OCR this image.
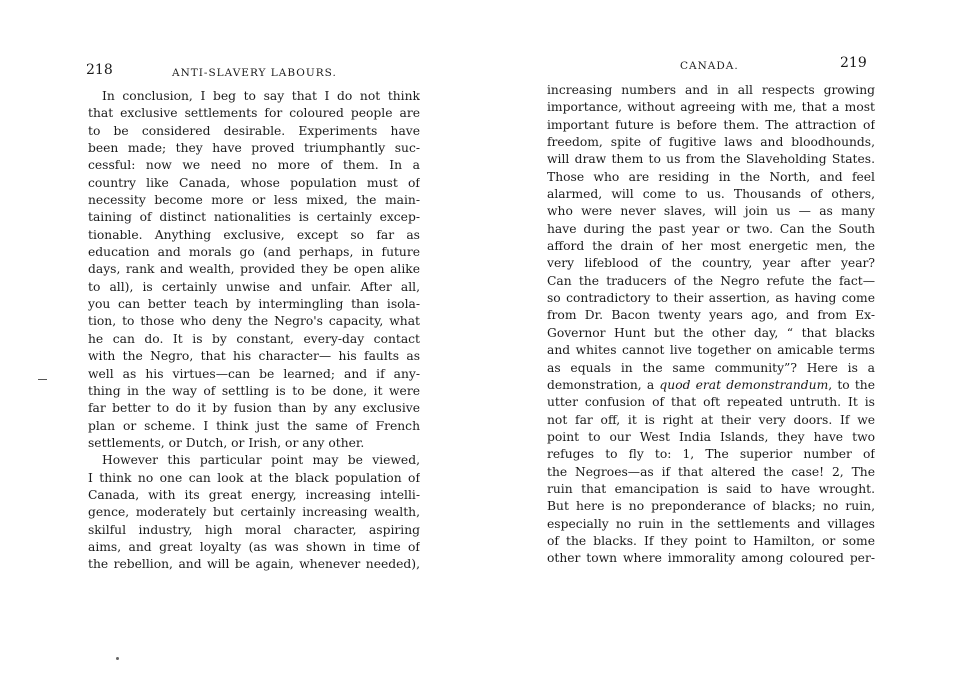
218	ANTI-SLAVERY LABOURS.
In conclusion, I beg to say that I do not think
that exclusive settlements for coloured people are
to be considered desirable. Experiments have
been made; they have proved triumphantly suc-
cessful: now we need no more of them. In a
country like Canada, whose population must of
necessity become more or less mixed, the main-
taining of distinct nationalities is certainly excep-
tionable. Anything exclusive, except so far as
education and morals go (and perhaps, in future
days, rank and wealth, provided they be open alike
to all), is certainly unwise and unfair. After all,
you can better teach by intermingling than isola-
tion, to those who deny the Negro's capacity, what
he can do. It is by constant, every-day contact
with the Negro, that his character— his faults as
well as his virtues—can be learned; and if any-
thing in the way of settling is to be done, it were
far better to do it by fusion than by any exclusive
plan or scheme. I think just the same of French
settlements, or Dutch, or Irish, or any other.
However this particular point may be viewed,
I think no one can look at the black population of
Canada, with its great energy, increasing intelli-
gence, moderately but certainly increasing wealth,
skilful industry, high moral character, aspiring
aims, and great loyalty (as was shown in time of
the rebellion, and will be again, whenever needed),
CANADA.	219
increasing numbers and in all respects growing
importance, without agreeing with me, that a most
important future is before them. The attraction of
freedom, spite of fugitive laws and bloodhounds,
will draw them to us from the Slaveholding States.
Those who are residing in the North, and feel
alarmed, will come to us. Thousands of others,
who were never slaves, will join us — as many
have during the past year or two. Can the South
afford the drain of her most energetic men, the
very lifeblood of the country, year after year?
Can the traducers of the Negro refute the fact—
so contradictory to their assertion, as having come
from Dr. Bacon twenty years ago, and from Ex-
Governor Hunt but the other day, “ that blacks
and whites cannot live together on amicable terms
as equals in the same community”? Here is a
demonstration, a quod erat demonstrandum, to the
utter confusion of that oft repeated untruth. It is
not far off, it is right at their very doors. If we
point to our West India Islands, they have two
refuges to fly to: 1, The superior number of
the Negroes—as if that altered the case! 2, The
ruin that emancipation is said to have wrought.
But here is no preponderance of blacks; no ruin,
especially no ruin in the settlements and villages
of the blacks. If they point to Hamilton, or some
other town where immorality among coloured per-
